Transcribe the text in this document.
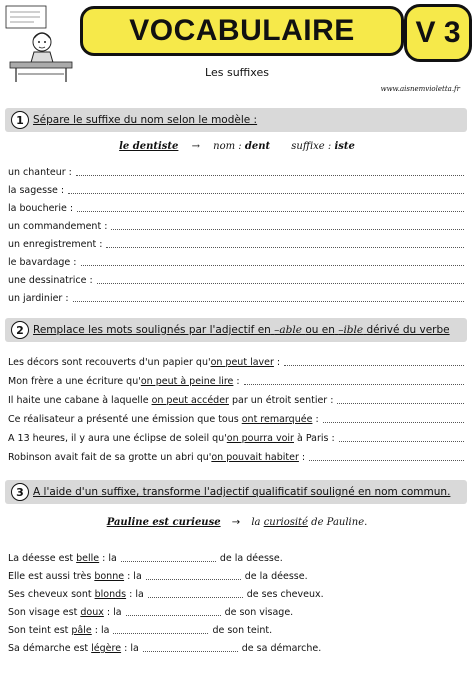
VOCABULAIRE	V 3
Les suffixes
www.aisnemvioletta.fr
1 Sépare le suffixe du nom selon le modèle :
le dentiste → nom : dent suffixe : iste
un chanteur :
la sagesse :
la boucherie :
un commandement :
un enregistrement :
le bavardage :
une dessinatrice :
un jardinier :
2 Remplace les mots soulignés par l'adjectif en –able ou en –ible dérivé du verbe
Les décors sont recouverts d'un papier qu' on peut laver :
Mon frère a une écriture qu' on peut à peine lire :
Il haite une cabane à laquelle on peut accéder par un étroit sentier :
Ce réalisateur a présenté une émission que tous ont remarquée :
A 13 heures, il y aura une éclipse de soleil qu' on pourra voir à Paris :
Robinson avait fait de sa grotte un abri qu' on pouvait habiter :
3 A l'aide d'un suffixe, transforme l'adjectif qualificatif souligné en nom commun.
Pauline est curieuse → la curiosité de Pauline.
La déesse est belle : la	de la déesse.
Elle est aussi très bonne : la	de la déesse.
Ses cheveux sont blonds : la	de ses cheveux.
Son visage est doux : la	de son visage.
Son teint est pâle : la	de son teint.
Sa démarche est légère : la	de sa démarche.
